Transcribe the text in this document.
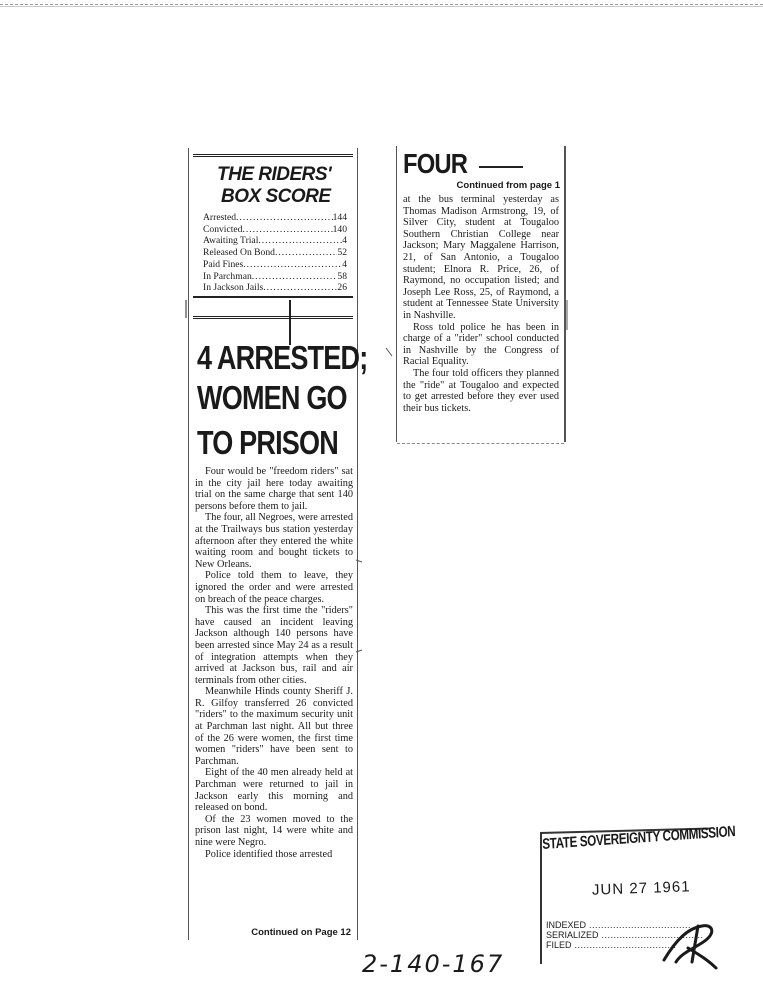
THE RIDERS'
BOX SCORE
Arrested .....	144
Convicted .....	140
Awaiting Trial .....	4
Released On Bond .....	52
Paid Fines .....	4
In Parchman .....	58
In Jackson Jails .....	26
4 ARRESTED;
WOMEN GO
TO PRISON

Four would be "freedom riders" sat in the city jail here today awaiting trial on the same charge that sent 140 persons before them to jail.

The four, all Negroes, were arrested at the Trailways bus station yesterday afternoon after they entered the white waiting room and bought tickets to New Orleans.

Police told them to leave, they ignored the order and were arrested on breach of the peace charges.

This was the first time the "riders" have caused an incident leaving Jackson although 140 persons have been arrested since May 24 as a result of integration attempts when they arrived at Jackson bus, rail and air terminals from other cities.

Meanwhile Hinds county Sheriff J. R. Gilfoy transferred 26 convicted "riders" to the maximum security unit at Parchman last night. All but three of the 26 were women, the first time women "riders" have been sent to Parchman.

Eight of the 40 men already held at Parchman were returned to jail in Jackson early this morning and released on bond.

Of the 23 women moved to the prison last night, 14 were white and nine were Negro.

Police identified those arrested

Continued on Page 12
FOUR
Continued from page 1

at the bus terminal yesterday as Thomas Madison Armstrong, 19, of Silver City, student at Tougaloo Southern Christian College near Jackson; Mary Maggalene Harrison, 21, of San Antonio, a Tougaloo student; Elnora R. Price, 26, of Raymond, no occupation listed; and Joseph Lee Ross, 25, of Raymond, a student at Tennessee State University in Nashville.

Ross told police he has been in charge of a "rider" school conducted in Nashville by the Congress of Racial Equality.

The four told officers they planned the "ride" at Tougaloo and expected to get arrested before they ever used their bus tickets.

STATE SOVEREIGNTY COMMISSION
JUN 27 1961
INDEXED .....
SERIALIZED .....
FILED .....
2-140-167
